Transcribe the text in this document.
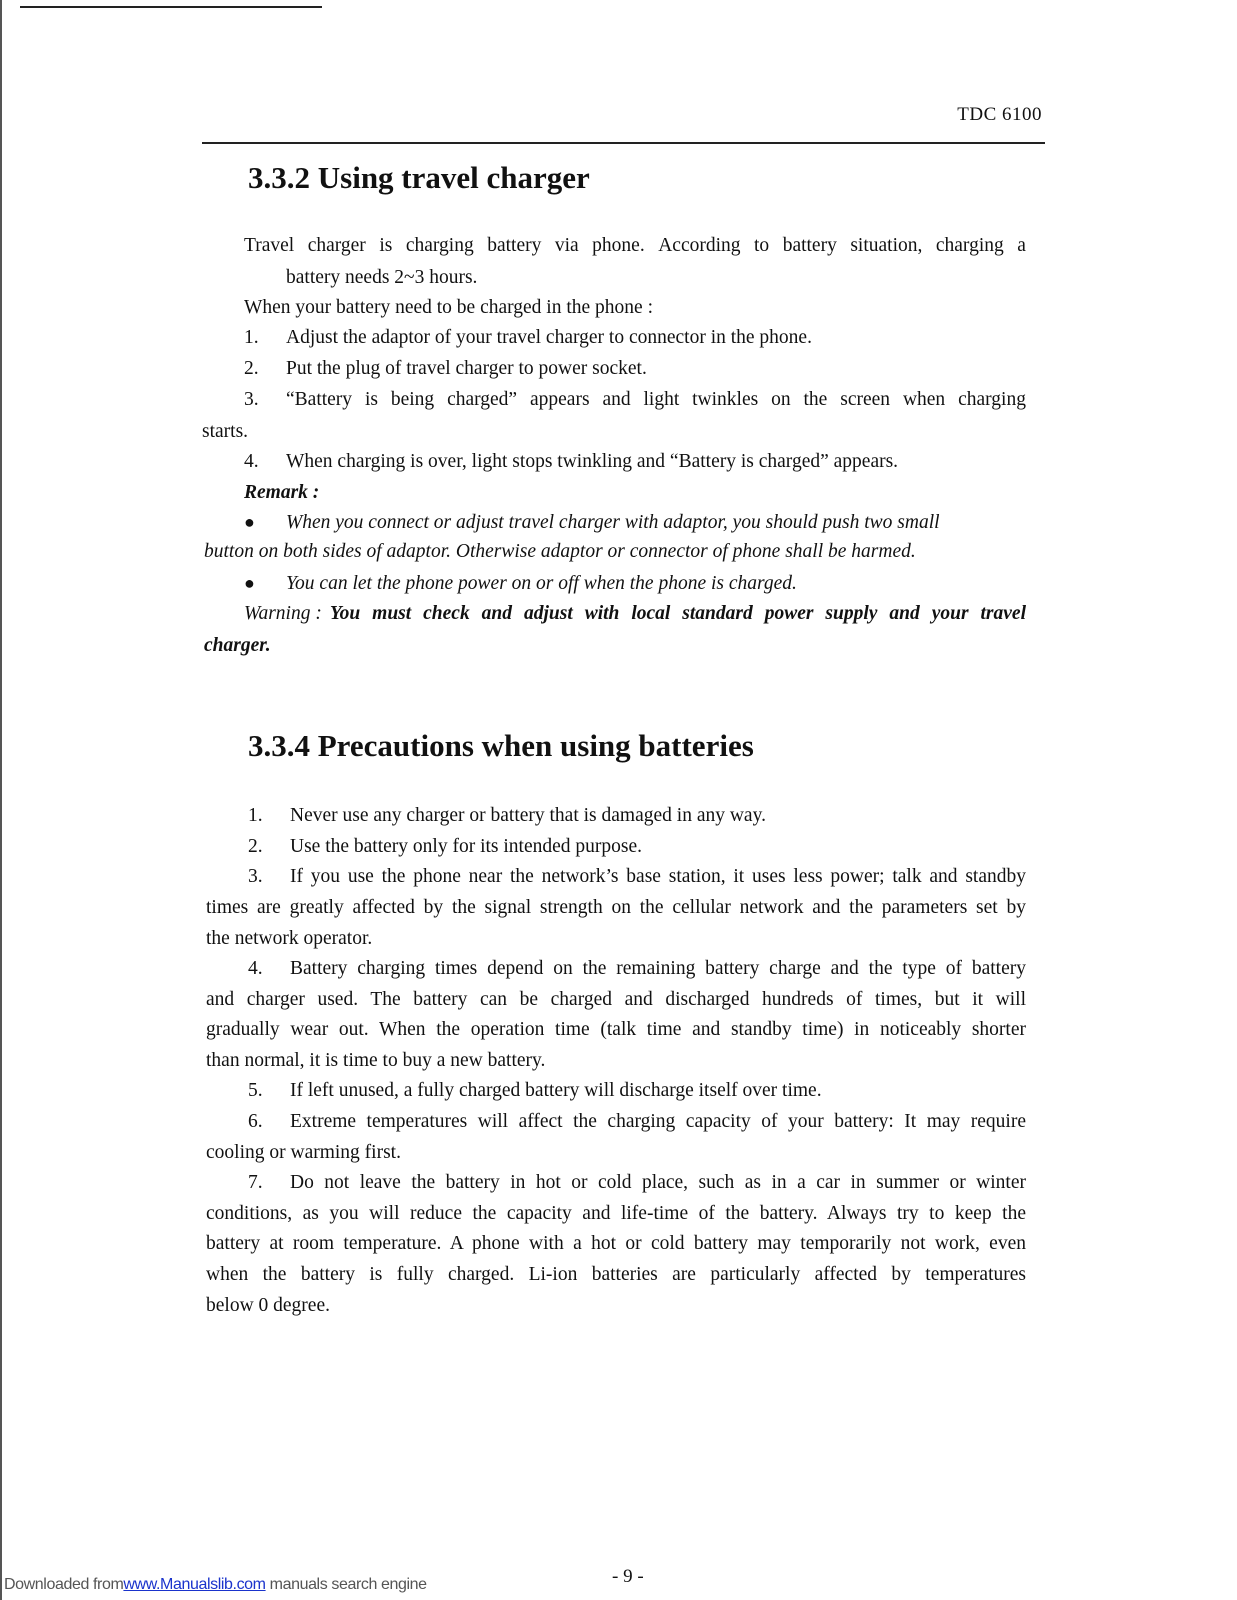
TDC 6100
3.3.2 Using travel charger
Travel charger is charging battery via phone. According to battery situation, charging a
battery needs 2~3 hours.
When your battery need to be charged in the phone :
1. Adjust the adaptor of your travel charger to connector in the phone.
2. Put the plug of travel charger to power socket.
3.	“Battery is being charged” appears and light twinkles on the screen when charging
starts.
4. When charging is over, light stops twinkling and “Battery is charged” appears.
Remark :
● When you connect or adjust travel charger with adaptor, you should push two small
button on both sides of adaptor. Otherwise adaptor or connector of phone shall be harmed.
● You can let the phone power on or off when the phone is charged.
Warning : You must check and adjust with local standard power supply and your travel
charger.
3.3.4 Precautions when using batteries
1. Never use any charger or battery that is damaged in any way.
2. Use the battery only for its intended purpose.
3.	If you use the phone near the network’s base station, it uses less power; talk and standby
times are greatly affected by the signal strength on the cellular network and the parameters set by
the network operator.
4.	Battery charging times depend on the remaining battery charge and the type of battery
and charger used. The battery can be charged and discharged hundreds of times, but it will
gradually wear out. When the operation time (talk time and standby time) in noticeably shorter
than normal, it is time to buy a new battery.
5. If left unused, a fully charged battery will discharge itself over time.
6.	Extreme temperatures will affect the charging capacity of your battery: It may require
cooling or warming first.
7.	Do not leave the battery in hot or cold place, such as in a car in summer or winter
conditions, as you will reduce the capacity and life-time of the battery. Always try to keep the
battery at room temperature. A phone with a hot or cold battery may temporarily not work, even
when the battery is fully charged. Li-ion batteries are particularly affected by temperatures
below 0 degree.
Downloaded fromwww.Manualslib.com manuals search engine	- 9 -
